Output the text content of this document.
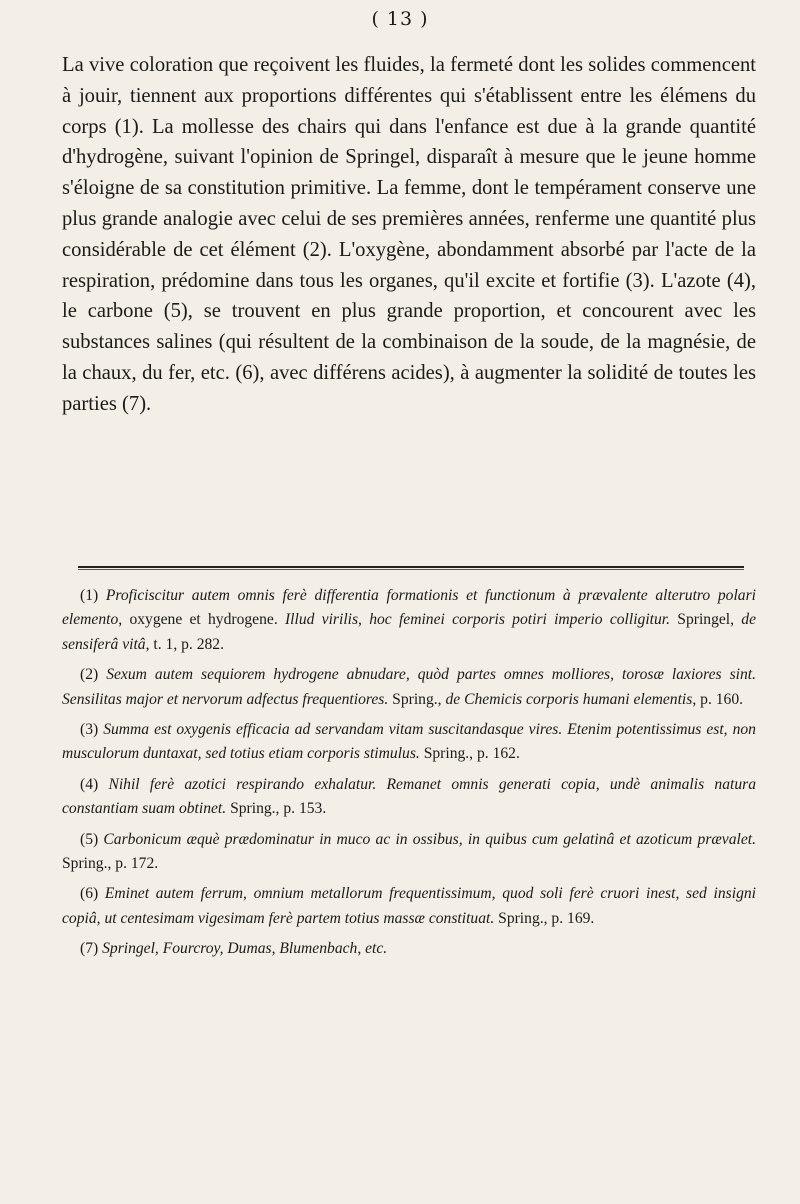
( 13 )

La vive coloration que reçoivent les fluides, la fermeté dont les solides commencent à jouir, tiennent aux proportions différentes qui s'établissent entre les élémens du corps (1). La mollesse des chairs qui dans l'enfance est due à la grande quantité d'hydrogène, suivant l'opinion de Springel, disparaît à mesure que le jeune homme s'éloigne de sa constitution primitive. La femme, dont le tempérament conserve une plus grande analogie avec celui de ses premières années, renferme une quantité plus considérable de cet élément (2). L'oxygène, abondamment absorbé par l'acte de la respiration, prédomine dans tous les organes, qu'il excite et fortifie (3). L'azote (4), le carbone (5), se trouvent en plus grande proportion, et concourent avec les substances salines (qui résultent de la combinaison de la soude, de la magnésie, de la chaux, du fer, etc. (6), avec différens acides), à augmenter la solidité de toutes les parties (7).

(1) Proficiscitur autem omnis ferè differentia formationis et functionum à prævalente alterutro polari elemento, oxygene et hydrogene. Illud virilis, hoc feminei corporis potiri imperio colligitur. Springel, de sensiferâ vitâ, t. 1, p. 282.

(2) Sexum autem sequiorem hydrogene abnudare, quòd partes omnes molliores, torosæ laxiores sint. Sensilitas major et nervorum adfectus frequentiores. Spring., de Chemicis corporis humani elementis, p. 160.

(3) Summa est oxygenis efficacia ad servandam vitam suscitandasque vires. Etenim potentissimus est, non musculorum duntaxat, sed totius etiam corporis stimulus. Spring., p. 162.

(4) Nihil ferè azotici respirando exhalatur. Remanet omnis generati copia, undè animalis natura constantiam suam obtinet. Spring., p. 153.

(5) Carbonicum æquè prædominatur in muco ac in ossibus, in quibus cum gelatinâ et azoticum prævalet. Spring., p. 172.

(6) Eminet autem ferrum, omnium metallorum frequentissimum, quod soli ferè cruori inest, sed insigni copiâ, ut centesimam vigesimam ferè partem totius massæ constituat. Spring., p. 169.

(7) Springel, Fourcroy, Dumas, Blumenbach, etc.
